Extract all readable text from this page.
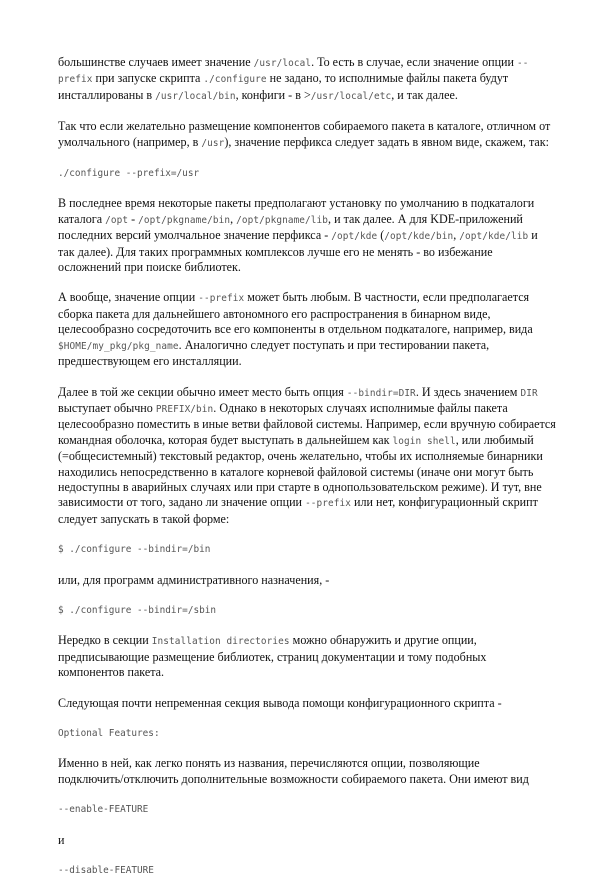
большинстве случаев имеет значение /usr/local. То есть в случае, если значение опции --
prefix при запуске скрипта ./configure не задано, то исполнимые файлы пакета будут
инсталлированы в /usr/local/bin, конфиги - в >/usr/local/etc, и так далее.

Так что если желательно размещение компонентов собираемого пакета в каталоге, отличном от
умолчального (например, в /usr), значение перфикса следует задать в явном виде, скажем, так:

./configure --prefix=/usr

В последнее время некоторые пакеты предполагают установку по умолчанию в подкаталоги
каталога /opt - /opt/pkgname/bin, /opt/pkgname/lib, и так далее. А для KDE-приложений
последних версий умолчальное значение перфикса - /opt/kde (/opt/kde/bin, /opt/kde/lib и
так далее). Для таких программных комплексов лучше его не менять - во избежание
осложнений при поиске библиотек.

А вообще, значение опции --prefix может быть любым. В частности, если предполагается
сборка пакета для дальнейшего автономного его распространения в бинарном виде,
целесообразно сосредоточить все его компоненты в отдельном подкаталоге, например, вида
$HOME/my_pkg/pkg_name. Аналогично следует поступать и при тестировании пакета,
предшествующем его инсталляции.

Далее в той же секции обычно имеет место быть опция --bindir=DIR. И здесь значением DIR
выступает обычно PREFIX/bin. Однако в некоторых случаях исполнимые файлы пакета
целесообразно поместить в иные ветви файловой системы. Например, если вручную собирается
командная оболочка, которая будет выступать в дальнейшем как login shell, или любимый
(=общесистемный) текстовый редактор, очень желательно, чтобы их исполняемые бинарники
находились непосредственно в каталоге корневой файловой системы (иначе они могут быть
недоступны в аварийных случаях или при старте в однопользовательском режиме). И тут, вне
зависимости от того, задано ли значение опции --prefix или нет, конфигурационный скрипт
следует запускать в такой форме:

$ ./configure --bindir=/bin

или, для программ административного назначения, -

$ ./configure --bindir=/sbin

Нередко в секции Installation directories можно обнаружить и другие опции,
предписывающие размещение библиотек, страниц документации и тому подобных
компонентов пакета.

Следующая почти непременная секция вывода помощи конфигурационного скрипта -

Optional Features:

Именно в ней, как легко понять из названия, перечисляются опции, позволяющие
подключить/отключить дополнительные возможности собираемого пакета. Они имеют вид

--enable-FEATURE

и

--disable-FEATURE
